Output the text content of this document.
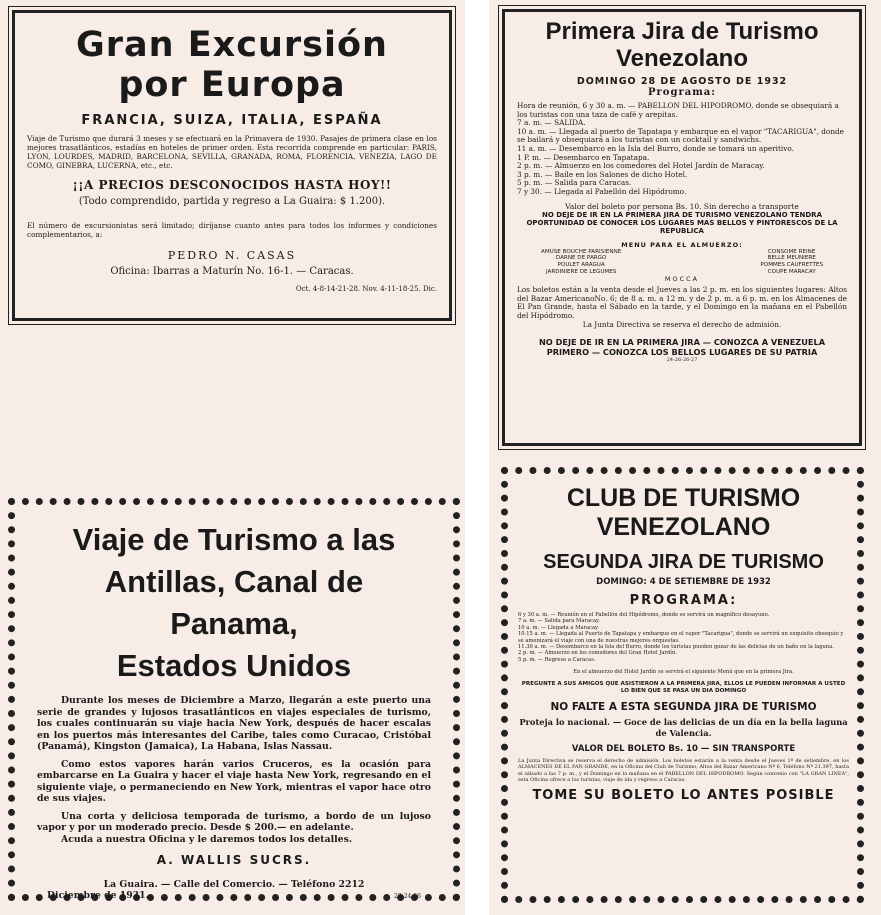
Gran Excursión

por Europa

FRANCIA, SUIZA, ITALIA, ESPAÑA

Viaje de Turismo que durará 3 meses y se efectuará en la Primavera de 1930. Pasajes de primera clase en los mejores trasatlánticos, estadías en hoteles de primer orden. Esta recorrida comprende en particular: PARIS, LYON, LOURDES, MADRID, BARCELONA, SEVILLA, GRANADA, ROMA, FLORENCIA, VENEZIA, LAGO DE COMO, GINEBRA, LUCERNA, etc., etc.

¡¡A PRECIOS DESCONOCIDOS HASTA HOY!!

(Todo comprendido, partida y regreso a La Guaira: $ 1.200).

El número de excursionistas será limitado; diríjanse cuanto antes para todos los informes y condiciones complementarios, a:

PEDRO N. CASAS

Oficina: Ibarras a Maturín No. 16-1. — Caracas.

Oct. 4-8-14-21-28. Nov. 4-11-18-25. Dic.

Primera Jira de Turismo

Venezolano

DOMINGO 28 DE AGOSTO DE 1932

Programa:

Hora de reunión, 6 y 30 a. m. — PABELLON DEL HIPODROMO, donde se obsequiará a los turistas con una taza de café y arepitas.

7 a. m. — SALIDA.

10 a. m. — Llegada al puerto de Tapatapa y embarque en el vapor "TACARIGUA", donde se bailará y obsequiará a los turistas con un cocktail y sandwichs.

11 a. m. — Desembarco en la Isla del Burro, donde se tomará un aperitivo.

1 P. m. — Desembarco en Tapatapa.

2 p. m. — Almuerzo en los comedores del Hotel Jardín de Maracay.

3 p. m. — Baile en los Salones de dicho Hotel.

5 p. m. — Salida para Caracas.

7 y 30. — Llegada al Pabellón del Hipódromo.

Valor del boleto por persona Bs. 10. Sin derecho a transporte

NO DEJE DE IR EN LA PRIMERA JIRA DE TURISMO VENEZOLANO TENDRA OPORTUNIDAD DE CONOCER LOS LUGARES MAS BELLOS Y PINTORESCOS DE LA REPUBLICA

MENU PARA EL ALMUERZO:

AMUSE BOUCHE PARISIENNE

DARNE DE PARGO

POULET ARAGUA

JARDINIERE DE LEGUMES

CONSOME REINE

BELLE MEUNIERE

POMMES CAUFRETTES

COUPE MARACAY

MOCCA

Los boletos están a la venta desde el Jueves a las 2 p. m. en los siguientes lugares: Altos del Bazar AmericanoNo. 6; de 8 a. m. a 12 m. y de 2 p. m. a 6 p. m. en los Almacenes de El Pan Grande, hasta el Sábado en la tarde, y el Domingo en la mañana en el Pabellón del Hipódromo.

La Junta Directiva se reserva el derecho de admisión.

NO DEJE DE IR EN LA PRIMERA JIRA — CONOZCA A VENEZUELA PRIMERO — CONOZCA LOS BELLOS LUGARES DE SU PATRIA

24-26-26-27

Viaje de Turismo a las

Antillas, Canal de Panama,

Estados Unidos

Durante los meses de Diciembre a Marzo, llegarán a este puerto una serie de grandes y lujosos trasatlánticos en viajes especiales de turismo, los cuales continuarán su viaje hacia New York, después de hacer escalas en los puertos más interesantes del Caribe, tales como Curacao, Cristóbal (Panamá), Kingston (Jamaica), La Habana, Islas Nassau.

Como estos vapores harán varios Cruceros, es la ocasión para embarcarse en La Guaira y hacer el viaje hasta New York, regresando en el siguiente viaje, o permaneciendo en New York, mientras el vapor hace otro de sus viajes.

Una corta y deliciosa temporada de turismo, a bordo de un lujoso vapor y por un moderado precio. Desde $ 200.— en adelante.

Acuda a nuestra Oficina y le daremos todos los detalles.

A. WALLIS SUCRS.

La Guaira. — Calle del Comercio. — Teléfono 2212

Diciembre de 1931.	22-24-26

CLUB DE TURISMO

VENEZOLANO

SEGUNDA JIRA DE TURISMO

DOMINGO: 4 DE SETIEMBRE DE 1932

PROGRAMA:

6 y 30 a. m. — Reunión en el Pabellón del Hipódromo, donde se servirá un magnífico desayuno.

7 a. m. — Salida para Maracay.

10 a. m. — Llegada a Maracay.

10.15 a. m. — Llegada al Puerto de Tapatapa y embarque en el vapor "Tacarigua", donde se servirá un exquisito obsequio y se amenizará el viaje con una de nuestras mejores orquestas.

11.30 a. m. — Desembarco en la Isla del Burro, donde los turistas pueden gozar de las delicias de un baño en la laguna.

2 p. m. — Almuerzo en los comedores del Gran Hotel Jardín.

5 p. m. — Regreso a Caracas.

En el almuerzo del Hotel Jardín se servirá el siguiente Menú que en la primera Jira.

PREGUNTE A SUS AMIGOS QUE ASISTIERON A LA PRIMERA JIRA, ELLOS LE PUEDEN INFORMAR A USTED LO BIEN QUE SE PASA UN DIA DOMINGO

NO FALTE A ESTA SEGUNDA JIRA DE TURISMO

Proteja lo nacional. — Goce de las delicias de un día en la bella laguna de Valencia.

VALOR DEL BOLETO Bs. 10 — SIN TRANSPORTE

La Junta Directiva se reserva el derecho de admisión. Los boletos estarán a la venta desde el Jueves 1º de setiembre, en los ALMACENES DE EL PAN GRANDE, en la Oficina del Club de Turismo, Altos del Bazar Americano Nº 6, Teléfono Nº 21.397, hasta el sábado a las 7 p. m., y el Domingo en la mañana en el PABELLON DEL HIPODROMO. Según convenio con "LA GRAN LINEA", esta Oficina ofrece a los turistas, viaje de ida y regreso a Caracas.

TOME SU BOLETO LO ANTES POSIBLE
